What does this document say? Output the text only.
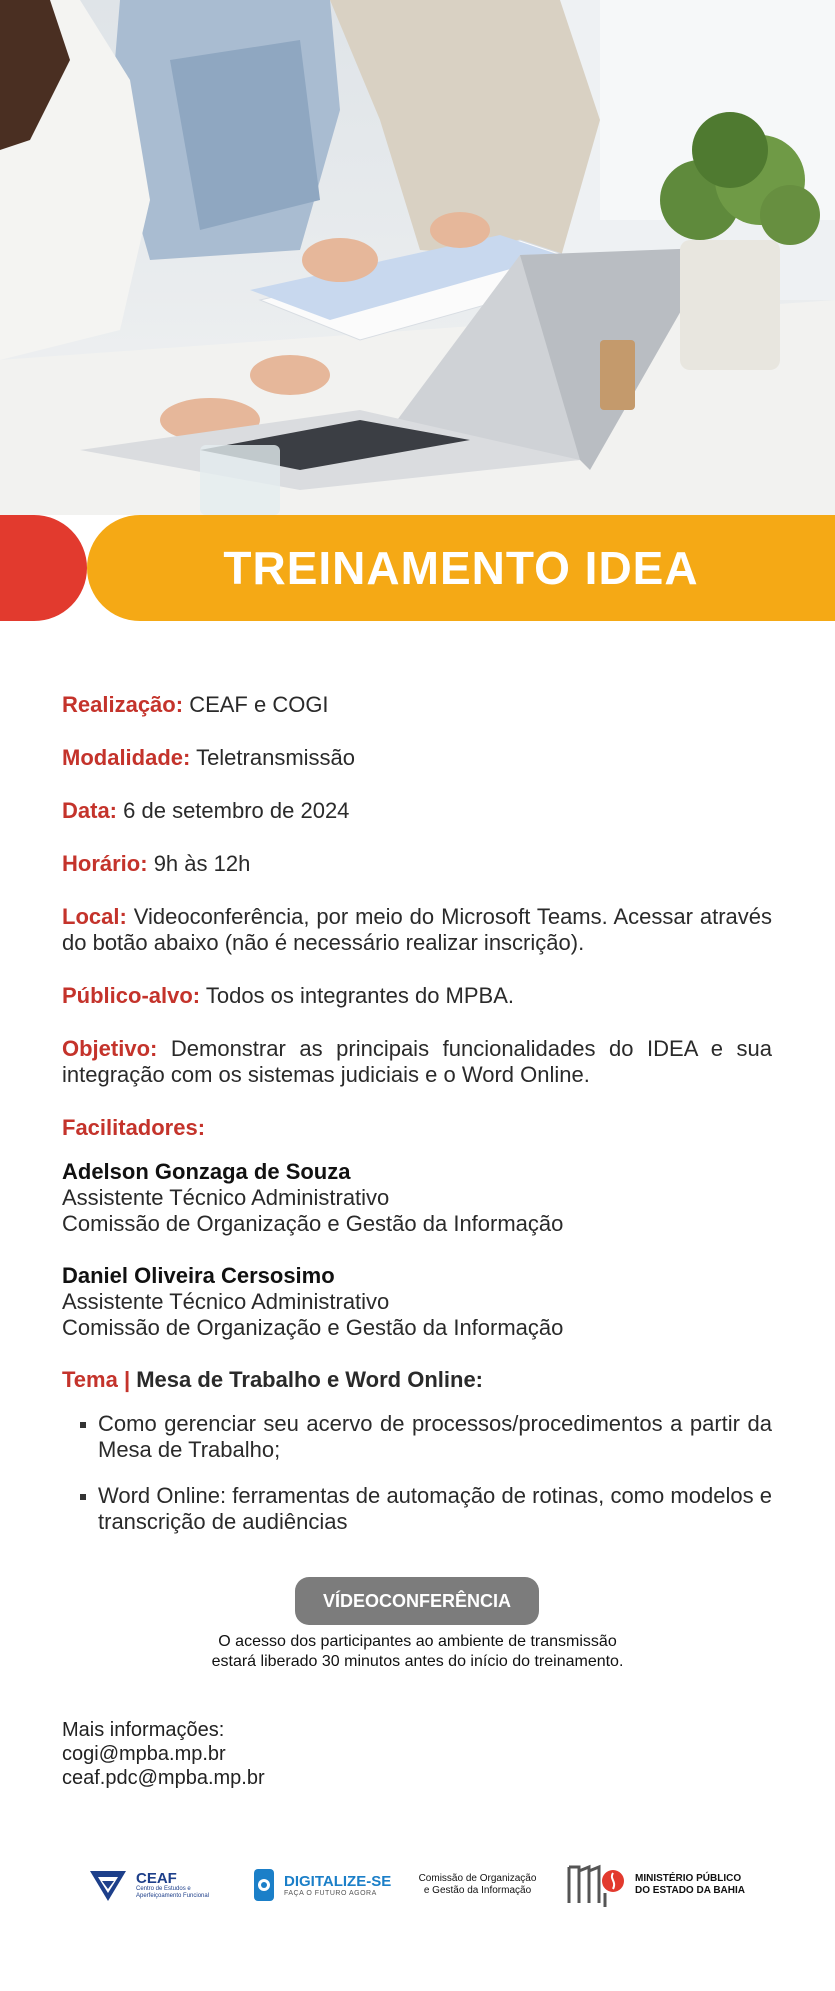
TREINAMENTO IDEA
Realização: CEAF e COGI
Modalidade: Teletransmissão
Data: 6 de setembro de 2024
Horário: 9h às 12h
Local: Videoconferência, por meio do Microsoft Teams. Acessar através do botão abaixo (não é necessário realizar inscrição).
Público-alvo: Todos os integrantes do MPBA.
Objetivo: Demonstrar as principais funcionalidades do IDEA e sua integração com os sistemas judiciais e o Word Online.
Facilitadores:
Adelson Gonzaga de Souza
Assistente Técnico Administrativo
Comissão de Organização e Gestão da Informação
Daniel Oliveira Cersosimo
Assistente Técnico Administrativo
Comissão de Organização e Gestão da Informação
Tema | Mesa de Trabalho e Word Online:
Como gerenciar seu acervo de processos/procedimentos a partir da Mesa de Trabalho;
Word Online: ferramentas de automação de rotinas, como modelos e transcrição de audiências
VÍDEOCONFERÊNCIA
O acesso dos participantes ao ambiente de transmissão
estará liberado 30 minutos antes do início do treinamento.
Mais informações:
cogi@mpba.mp.br
ceaf.pdc@mpba.mp.br
CEAF
Centro de Estudos e Aperfeiçoamento Funcional
DIGITALIZE-SE
FAÇA O FUTURO AGORA
Comissão de Organização
e Gestão da Informação
MINISTÉRIO PÚBLICO
DO ESTADO DA BAHIA
